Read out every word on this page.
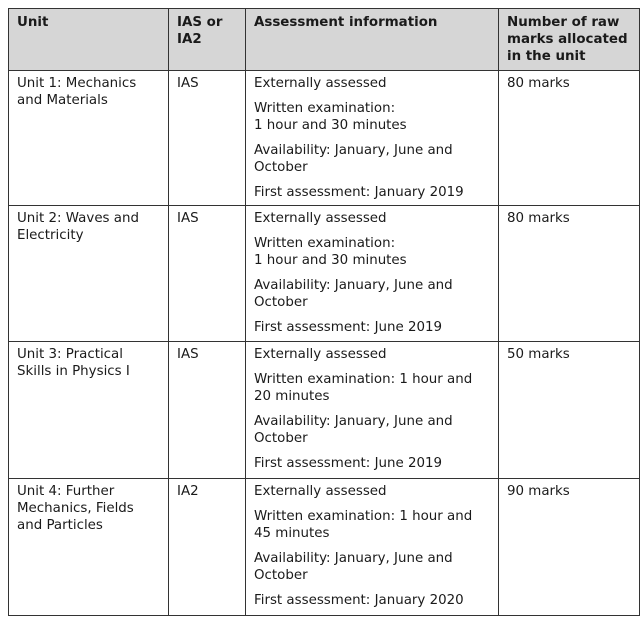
Unit	IAS or IA2	Assessment information	Number of raw marks allocated in the unit
Unit 1: Mechanics and Materials	IAS	Externally assessed
Written examination:
1 hour and 30 minutes
Availability: January, June and October
First assessment: January 2019	80 marks
Unit 2: Waves and Electricity	IAS	Externally assessed
Written examination:
1 hour and 30 minutes
Availability: January, June and October
First assessment: June 2019	80 marks
Unit 3: Practical Skills in Physics I	IAS	Externally assessed
Written examination: 1 hour and 20 minutes
Availability: January, June and October
First assessment: June 2019	50 marks
Unit 4: Further Mechanics, Fields and Particles	IA2	Externally assessed
Written examination: 1 hour and 45 minutes
Availability: January, June and October
First assessment: January 2020	90 marks
